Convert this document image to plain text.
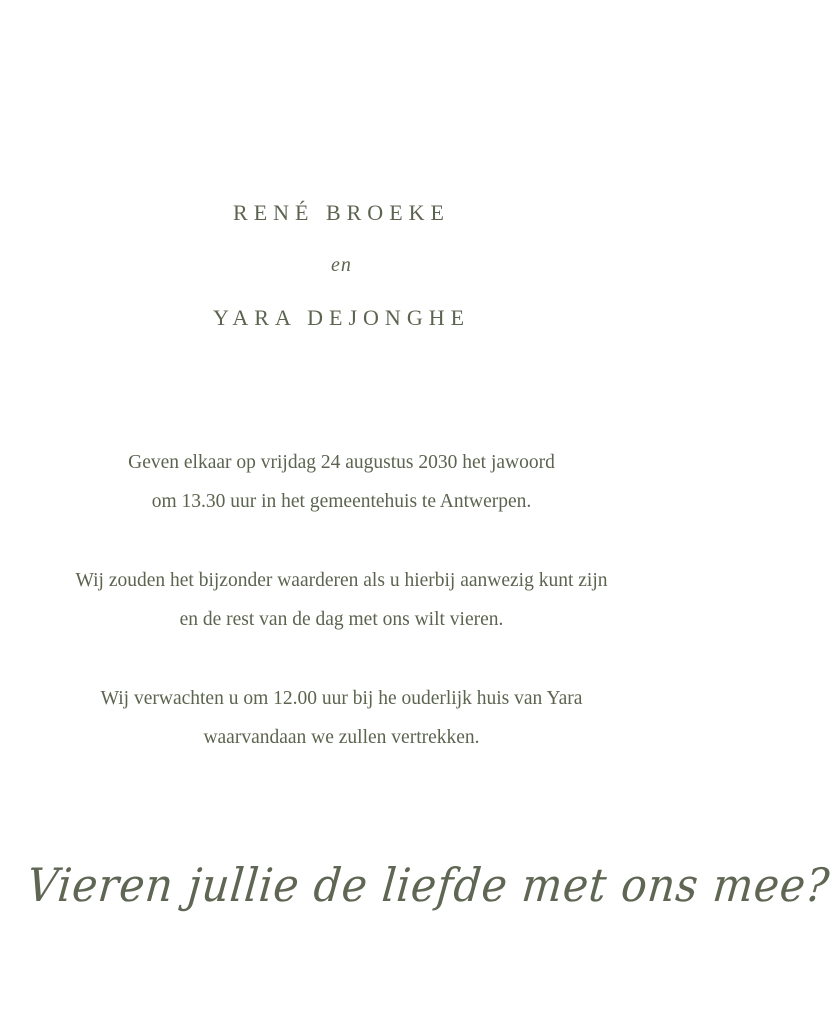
RENÉ BROEKE
en
YARA DEJONGHE
Geven elkaar op vrijdag 24 augustus 2030 het jawoord
om 13.30 uur in het gemeentehuis te Antwerpen.
Wij zouden het bijzonder waarderen als u hierbij aanwezig kunt zijn
en de rest van de dag met ons wilt vieren.
Wij verwachten u om 12.00 uur bij he ouderlijk huis van Yara
waarvandaan we zullen vertrekken.
Vieren jullie de liefde met ons mee?
